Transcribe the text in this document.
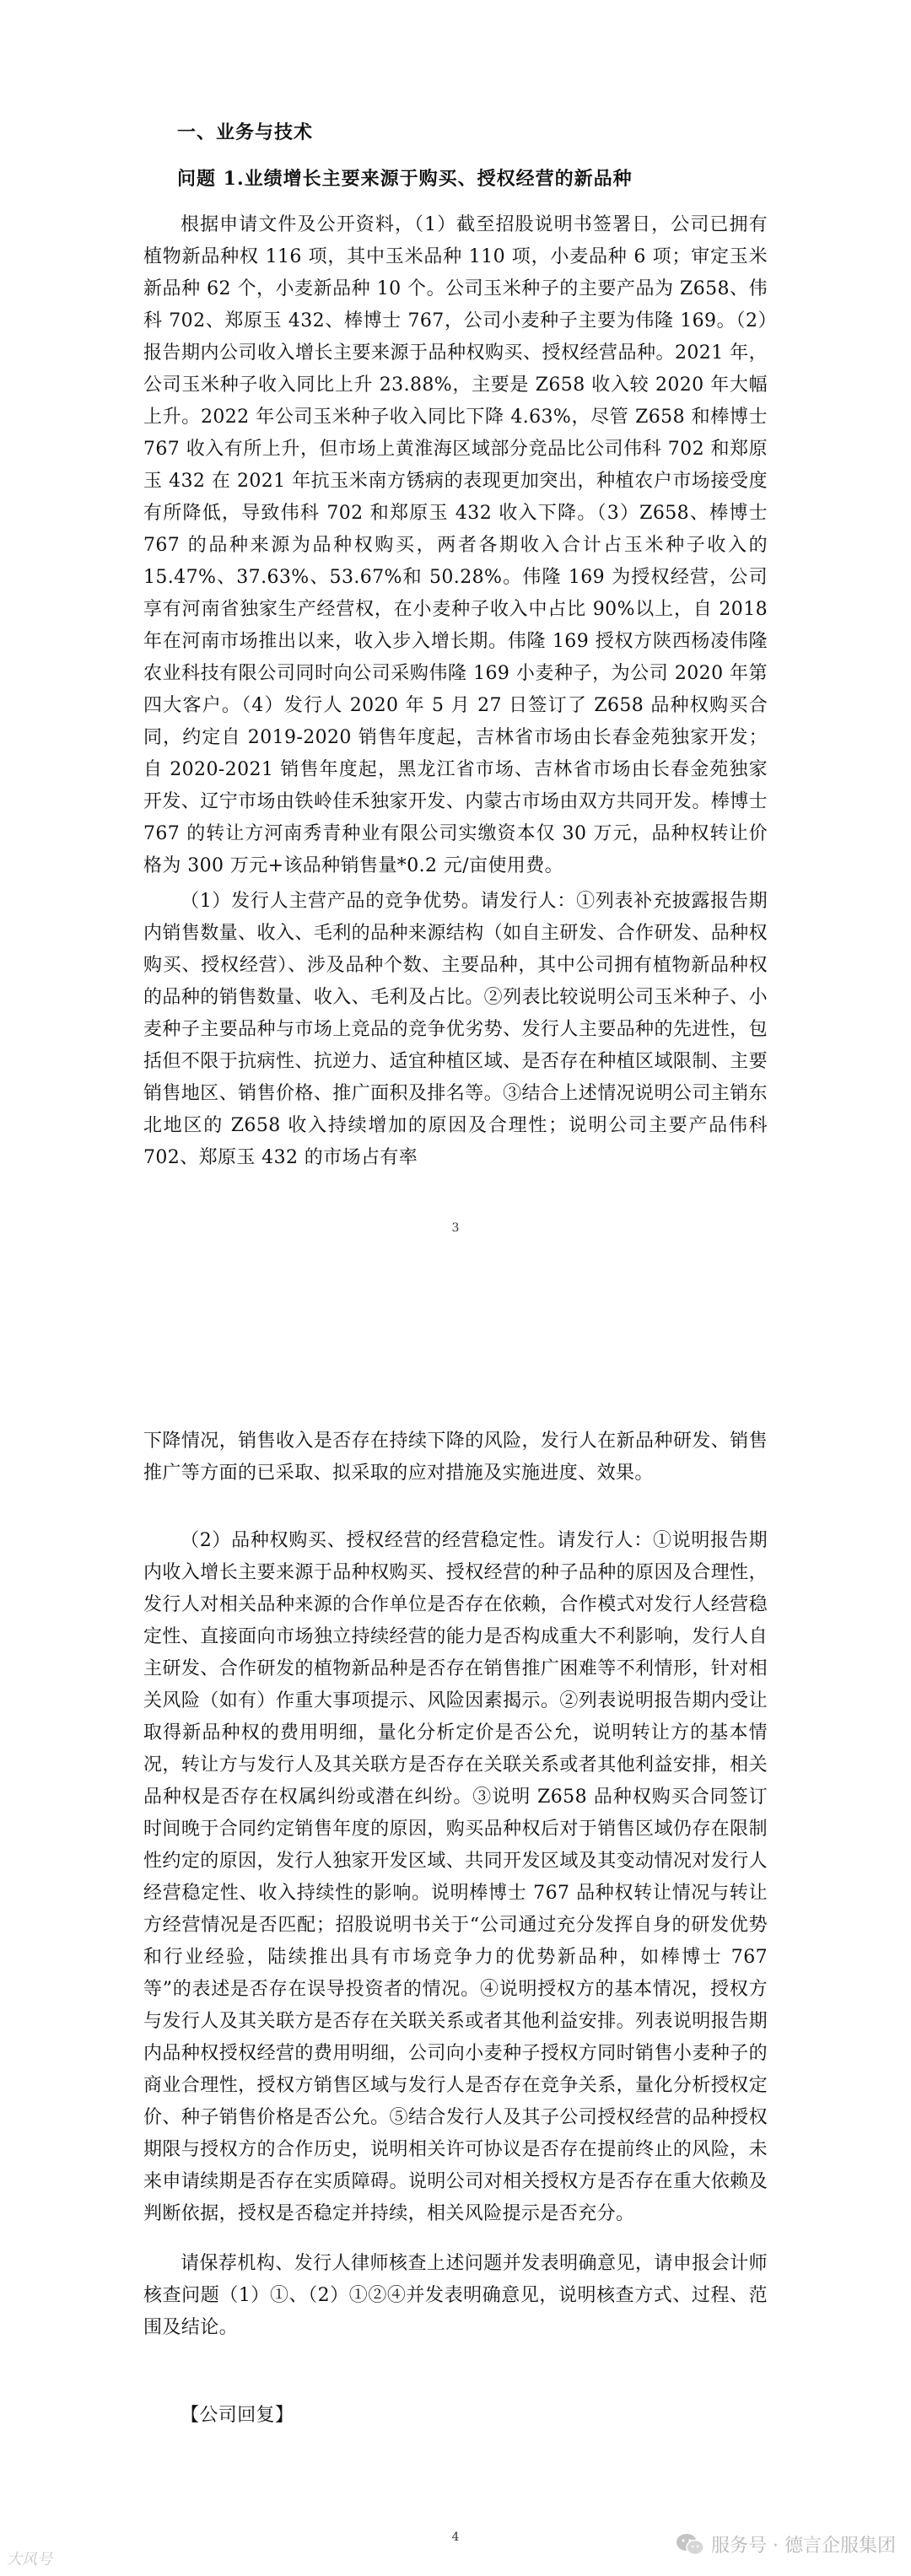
一、业务与技术
问题 1.业绩增长主要来源于购买、授权经营的新品种

根据申请文件及公开资料，（1）截至招股说明书签署日，公司已拥有植物新品种权 116 项，其中玉米品种 110 项，小麦品种 6 项；审定玉米新品种 62 个，小麦新品种 10 个。公司玉米种子的主要产品为 Z658、伟科 702、郑原玉 432、棒博士 767，公司小麦种子主要为伟隆 169。（2）报告期内公司收入增长主要来源于品种权购买、授权经营品种。2021 年，公司玉米种子收入同比上升 23.88%，主要是 Z658 收入较 2020 年大幅上升。2022 年公司玉米种子收入同比下降 4.63%，尽管 Z658 和棒博士 767 收入有所上升，但市场上黄淮海区域部分竞品比公司伟科 702 和郑原玉 432 在 2021 年抗玉米南方锈病的表现更加突出，种植农户市场接受度有所降低，导致伟科 702 和郑原玉 432 收入下降。（3）Z658、棒博士 767 的品种来源为品种权购买，两者各期收入合计占玉米种子收入的 15.47%、37.63%、53.67%和 50.28%。伟隆 169 为授权经营，公司享有河南省独家生产经营权，在小麦种子收入中占比 90%以上，自 2018 年在河南市场推出以来，收入步入增长期。伟隆 169 授权方陕西杨凌伟隆农业科技有限公司同时向公司采购伟隆 169 小麦种子，为公司 2020 年第四大客户。（4）发行人 2020 年 5 月 27 日签订了 Z658 品种权购买合同，约定自 2019-2020 销售年度起，吉林省市场由长春金苑独家开发；自 2020-2021 销售年度起，黑龙江省市场、吉林省市场由长春金苑独家开发、辽宁市场由铁岭佳禾独家开发、内蒙古市场由双方共同开发。棒博士 767 的转让方河南秀青种业有限公司实缴资本仅 30 万元，品种权转让价格为 300 万元+该品种销售量*0.2 元/亩使用费。

（1）发行人主营产品的竞争优势。请发行人：①列表补充披露报告期内销售数量、收入、毛利的品种来源结构（如自主研发、合作研发、品种权购买、授权经营）、涉及品种个数、主要品种，其中公司拥有植物新品种权的品种的销售数量、收入、毛利及占比。②列表比较说明公司玉米种子、小麦种子主要品种与市场上竞品的竞争优劣势、发行人主要品种的先进性，包括但不限于抗病性、抗逆力、适宜种植区域、是否存在种植区域限制、主要销售地区、销售价格、推广面积及排名等。③结合上述情况说明公司主销东北地区的 Z658 收入持续增加的原因及合理性；说明公司主要产品伟科 702、郑原玉 432 的市场占有率

3

下降情况，销售收入是否存在持续下降的风险，发行人在新品种研发、销售推广等方面的已采取、拟采取的应对措施及实施进度、效果。

（2）品种权购买、授权经营的经营稳定性。请发行人：①说明报告期内收入增长主要来源于品种权购买、授权经营的种子品种的原因及合理性，发行人对相关品种来源的合作单位是否存在依赖，合作模式对发行人经营稳定性、直接面向市场独立持续经营的能力是否构成重大不利影响，发行人自主研发、合作研发的植物新品种是否存在销售推广困难等不利情形，针对相关风险（如有）作重大事项提示、风险因素揭示。②列表说明报告期内受让取得新品种权的费用明细，量化分析定价是否公允，说明转让方的基本情况，转让方与发行人及其关联方是否存在关联关系或者其他利益安排，相关品种权是否存在权属纠纷或潜在纠纷。③说明 Z658 品种权购买合同签订时间晚于合同约定销售年度的原因，购买品种权后对于销售区域仍存在限制性约定的原因，发行人独家开发区域、共同开发区域及其变动情况对发行人经营稳定性、收入持续性的影响。说明棒博士 767 品种权转让情况与转让方经营情况是否匹配；招股说明书关于“公司通过充分发挥自身的研发优势和行业经验，陆续推出具有市场竞争力的优势新品种，如棒博士 767 等”的表述是否存在误导投资者的情况。④说明授权方的基本情况，授权方与发行人及其关联方是否存在关联关系或者其他利益安排。列表说明报告期内品种权授权经营的费用明细，公司向小麦种子授权方同时销售小麦种子的商业合理性，授权方销售区域与发行人是否存在竞争关系，量化分析授权定价、种子销售价格是否公允。⑤结合发行人及其子公司授权经营的品种授权期限与授权方的合作历史，说明相关许可协议是否存在提前终止的风险，未来申请续期是否存在实质障碍。说明公司对相关授权方是否存在重大依赖及判断依据，授权是否稳定并持续，相关风险提示是否充分。

请保荐机构、发行人律师核查上述问题并发表明确意见，请申报会计师核查问题（1）①、（2）①②④并发表明确意见，说明核查方式、过程、范围及结论。

【公司回复】

4
大风号
服务号 · 德言企服集团
